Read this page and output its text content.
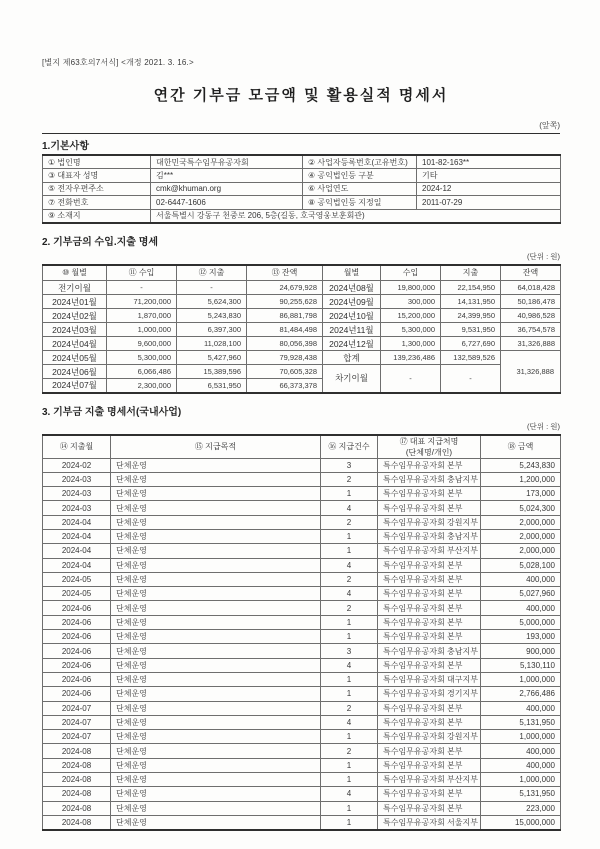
[별지 제63호의7서식] <개정 2021. 3. 16.>
연간 기부금 모금액 및 활용실적 명세서
(앞쪽)
1.기본사항
① 법인명	대한민국특수임무유공자회	② 사업자등록번호(고유번호)	101-82-163**
③ 대표자 성명	김***	④ 공익법인등 구분	기타
⑤ 전자우편주소	cmk@khuman.org	⑥ 사업연도	2024-12
⑦ 전화번호	02-6447-1606	⑧ 공익법인등 지정일	2011-07-29
⑨ 소재지	서울특별시 강동구 천중로 206, 5층(길동, 호국영웅보훈회관)		
2. 기부금의 수입.지출 명세
(단위 : 원)
⑩ 월별	⑪ 수입	⑫ 지출	⑬ 잔액	월별	수입	지출	잔액
전기이월	-	-	24,679,928	2024년08월	19,800,000	22,154,950	64,018,428
2024년01월	71,200,000	5,624,300	90,255,628	2024년09월	300,000	14,131,950	50,186,478
2024년02월	1,870,000	5,243,830	86,881,798	2024년10월	15,200,000	24,399,950	40,986,528
2024년03월	1,000,000	6,397,300	81,484,498	2024년11월	5,300,000	9,531,950	36,754,578
2024년04월	9,600,000	11,028,100	80,056,398	2024년12월	1,300,000	6,727,690	31,326,888
2024년05월	5,300,000	5,427,960	79,928,438	합계	139,236,486	132,589,526	31,326,888
2024년06월	6,066,486	15,389,596	70,605,328	차기이월	-	-	
2024년07월	2,300,000	6,531,950	66,373,378				
3. 기부금 지출 명세서(국내사업)
(단위 : 원)
⑭ 지출월	⑮ 지급목적	⑯ 지급건수	⑰ 대표 지급처명	⑱ 금액
			(단체명/개인)	
2024-02	단체운영	3	특수임무유공자회 본부	5,243,830
2024-03	단체운영	2	특수임무유공자회 충남지부	1,200,000
2024-03	단체운영	1	특수임무유공자회 본부	173,000
2024-03	단체운영	4	특수임무유공자회 본부	5,024,300
2024-04	단체운영	2	특수임무유공자회 강원지부	2,000,000
2024-04	단체운영	1	특수임무유공자회 충남지부	2,000,000
2024-04	단체운영	1	특수임무유공자회 부산지부	2,000,000
2024-04	단체운영	4	특수임무유공자회 본부	5,028,100
2024-05	단체운영	2	특수임무유공자회 본부	400,000
2024-05	단체운영	4	특수임무유공자회 본부	5,027,960
2024-06	단체운영	2	특수임무유공자회 본부	400,000
2024-06	단체운영	1	특수임무유공자회 본부	5,000,000
2024-06	단체운영	1	특수임무유공자회 본부	193,000
2024-06	단체운영	3	특수임무유공자회 충남지부	900,000
2024-06	단체운영	4	특수임무유공자회 본부	5,130,110
2024-06	단체운영	1	특수임무유공자회 대구지부	1,000,000
2024-06	단체운영	1	특수임무유공자회 경기지부	2,766,486
2024-07	단체운영	2	특수임무유공자회 본부	400,000
2024-07	단체운영	4	특수임무유공자회 본부	5,131,950
2024-07	단체운영	1	특수임무유공자회 강원지부	1,000,000
2024-08	단체운영	2	특수임무유공자회 본부	400,000
2024-08	단체운영	1	특수임무유공자회 본부	400,000
2024-08	단체운영	1	특수임무유공자회 부산지부	1,000,000
2024-08	단체운영	4	특수임무유공자회 본부	5,131,950
2024-08	단체운영	1	특수임무유공자회 본부	223,000
2024-08	단체운영	1	특수임무유공자회 서울지부	15,000,000
